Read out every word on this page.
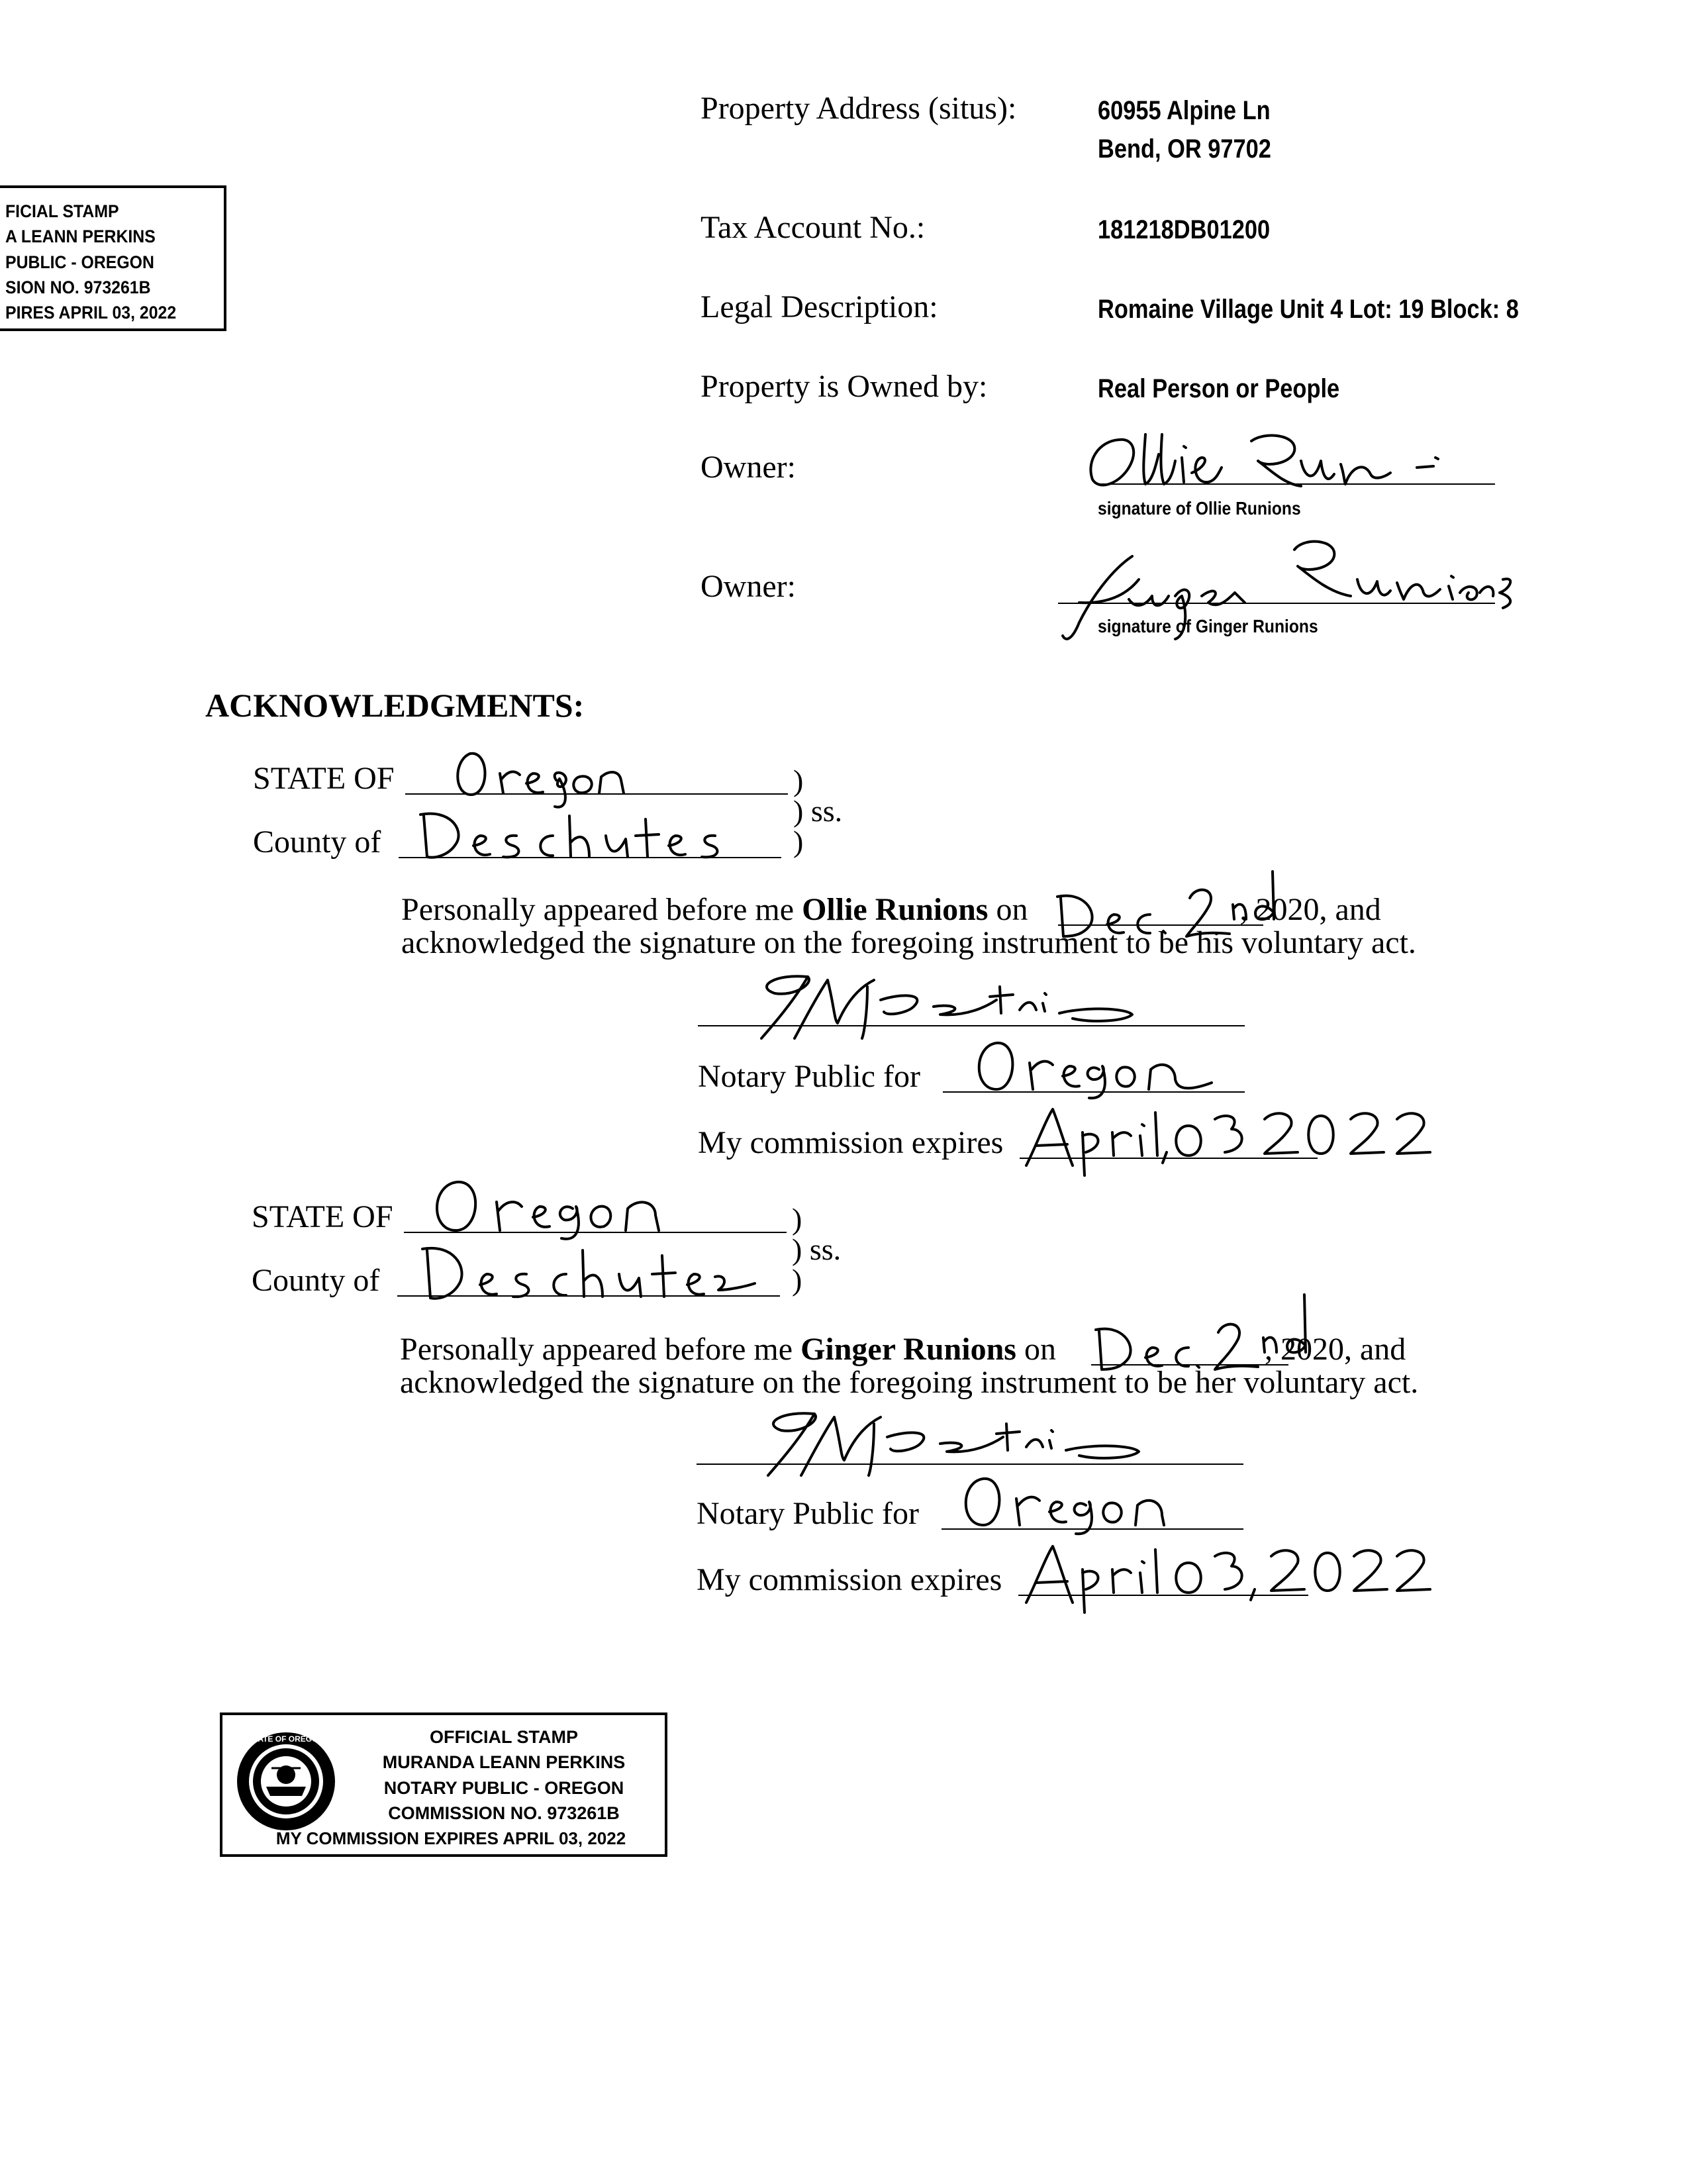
FICIAL STAMP
A LEANN PERKINS
PUBLIC - OREGON
SION NO. 973261B
PIRES APRIL 03, 2022
Property Address (situs):	60955 Alpine Ln
Bend, OR 97702
Tax Account No.:	181218DB01200
Legal Description:	Romaine Village Unit 4 Lot: 19 Block: 8
Property is Owned by:	Real Person or People
Owner:
signature of Ollie Runions
Owner:
signature of Ginger Runions
ACKNOWLEDGMENTS:
STATE OF
County of
)
) ss.
)
Personally appeared before me Ollie Runions on	, 2020, and
acknowledged the signature on the foregoing instrument to be his voluntary act.
Notary Public for
My commission expires
STATE OF
County of
)
) ss.
)
Personally appeared before me Ginger Runions on	, 2020, and
acknowledged the signature on the foregoing instrument to be her voluntary act.
Notary Public for
My commission expires
STATE OF OREGON	OFFICIAL STAMP
MURANDA LEANN PERKINS
NOTARY PUBLIC - OREGON
COMMISSION NO. 973261B
MY COMMISSION EXPIRES APRIL 03, 2022
